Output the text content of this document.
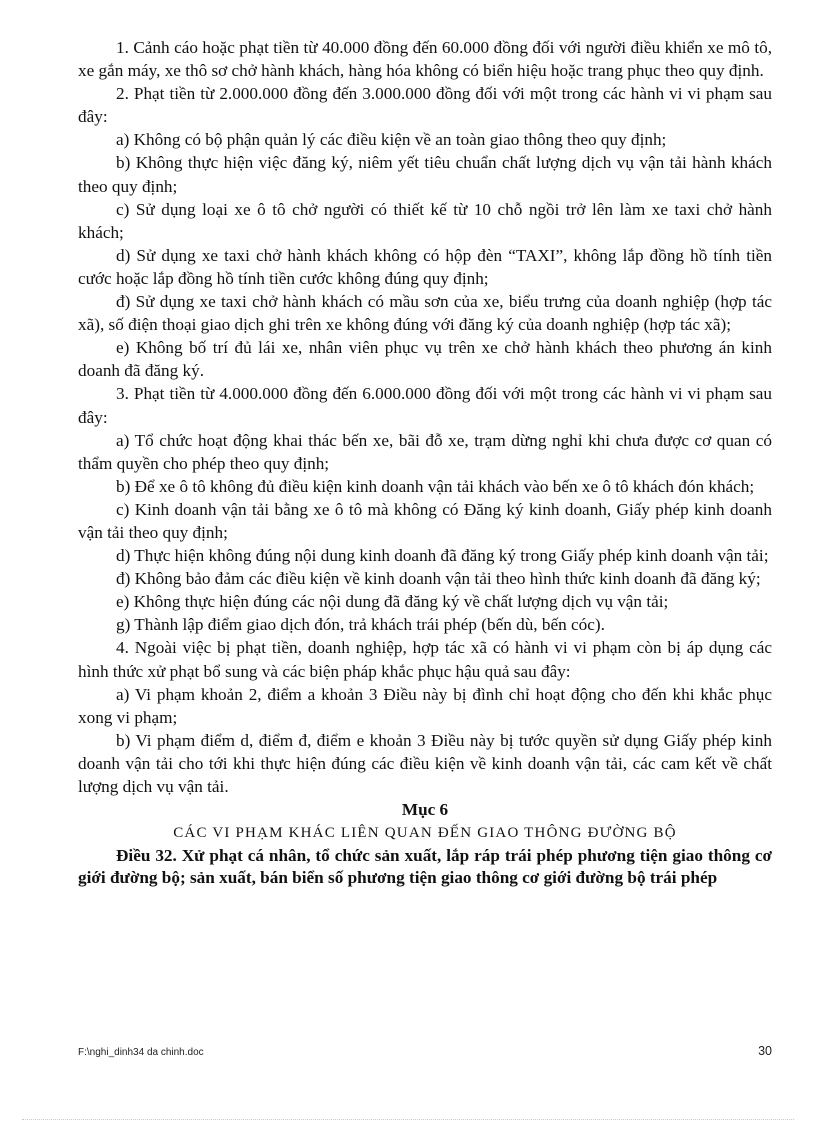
1. Cảnh cáo hoặc phạt tiền từ 40.000 đồng đến 60.000 đồng đối với người điều khiển xe mô tô, xe gắn máy, xe thô sơ chở hành khách, hàng hóa không có biển hiệu hoặc trang phục theo quy định.

2. Phạt tiền từ 2.000.000 đồng đến 3.000.000 đồng đối với một trong các hành vi vi phạm sau đây:

a) Không có bộ phận quản lý các điều kiện về an toàn giao thông theo quy định;

b) Không thực hiện việc đăng ký, niêm yết tiêu chuẩn chất lượng dịch vụ vận tải hành khách theo quy định;

c) Sử dụng loại xe ô tô chở người có thiết kế từ 10 chỗ ngồi trở lên làm xe taxi chở hành khách;

d) Sử dụng xe taxi chở hành khách không có hộp đèn “TAXI”, không lắp đồng hồ tính tiền cước hoặc lắp đồng hồ tính tiền cước không đúng quy định;

đ) Sử dụng xe taxi chở hành khách có mầu sơn của xe, biểu trưng của doanh nghiệp (hợp tác xã), số điện thoại giao dịch ghi trên xe không đúng với đăng ký của doanh nghiệp (hợp tác xã);

e) Không bố trí đủ lái xe, nhân viên phục vụ trên xe chở hành khách theo phương án kinh doanh đã đăng ký.

3. Phạt tiền từ 4.000.000 đồng đến 6.000.000 đồng đối với một trong các hành vi vi phạm sau đây:

a) Tổ chức hoạt động khai thác bến xe, bãi đỗ xe, trạm dừng nghỉ khi chưa được cơ quan có thẩm quyền cho phép theo quy định;

b) Để xe ô tô không đủ điều kiện kinh doanh vận tải khách vào bến xe ô tô khách đón khách;

c) Kinh doanh vận tải bằng xe ô tô mà không có Đăng ký kinh doanh, Giấy phép kinh doanh vận tải theo quy định;

d) Thực hiện không đúng nội dung kinh doanh đã đăng ký trong Giấy phép kinh doanh vận tải;

đ) Không bảo đảm các điều kiện về kinh doanh vận tải theo hình thức kinh doanh đã đăng ký;

e) Không thực hiện đúng các nội dung đã đăng ký về chất lượng dịch vụ vận tải;

g) Thành lập điểm giao dịch đón, trả khách trái phép (bến dù, bến cóc).

4. Ngoài việc bị phạt tiền, doanh nghiệp, hợp tác xã có hành vi vi phạm còn bị áp dụng các hình thức xử phạt bổ sung và các biện pháp khắc phục hậu quả sau đây:

a) Vi phạm khoản 2, điểm a khoản 3 Điều này bị đình chỉ hoạt động cho đến khi khắc phục xong vi phạm;

b) Vi phạm điểm d, điểm đ, điểm e khoản 3 Điều này bị tước quyền sử dụng Giấy phép kinh doanh vận tải cho tới khi thực hiện đúng các điều kiện về kinh doanh vận tải, các cam kết về chất lượng dịch vụ vận tải.

Mục 6

CÁC VI PHẠM KHÁC LIÊN QUAN ĐẾN GIAO THÔNG ĐƯỜNG BỘ

Điều 32. Xử phạt cá nhân, tổ chức sản xuất, lắp ráp trái phép phương tiện giao thông cơ giới đường bộ; sản xuất, bán biển số phương tiện giao thông cơ giới đường bộ trái phép

F:\nghi_dinh34 da chinh.doc	30
